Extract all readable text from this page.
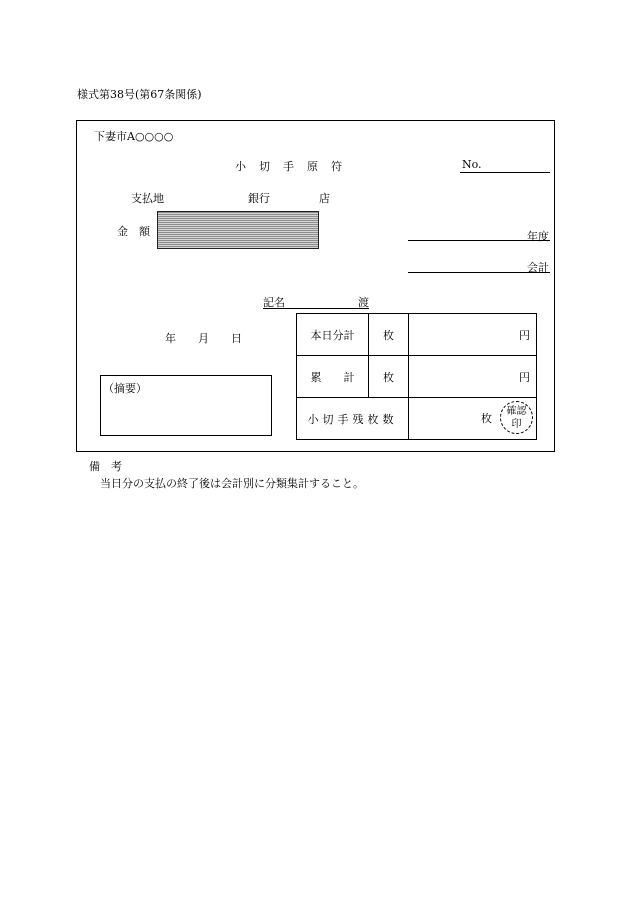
様式第38号(第67条関係)
下妻市A○○○○
小　切　手　原　符	No.
支払地	銀行	店
金　額	年度
会計
記名	渡
年　　月　　日
（摘要）
本日分計	枚	円
累　　計	枚	円
小切手残枚数		枚
確認
印
備　考
当日分の支払の終了後は会計別に分類集計すること。
